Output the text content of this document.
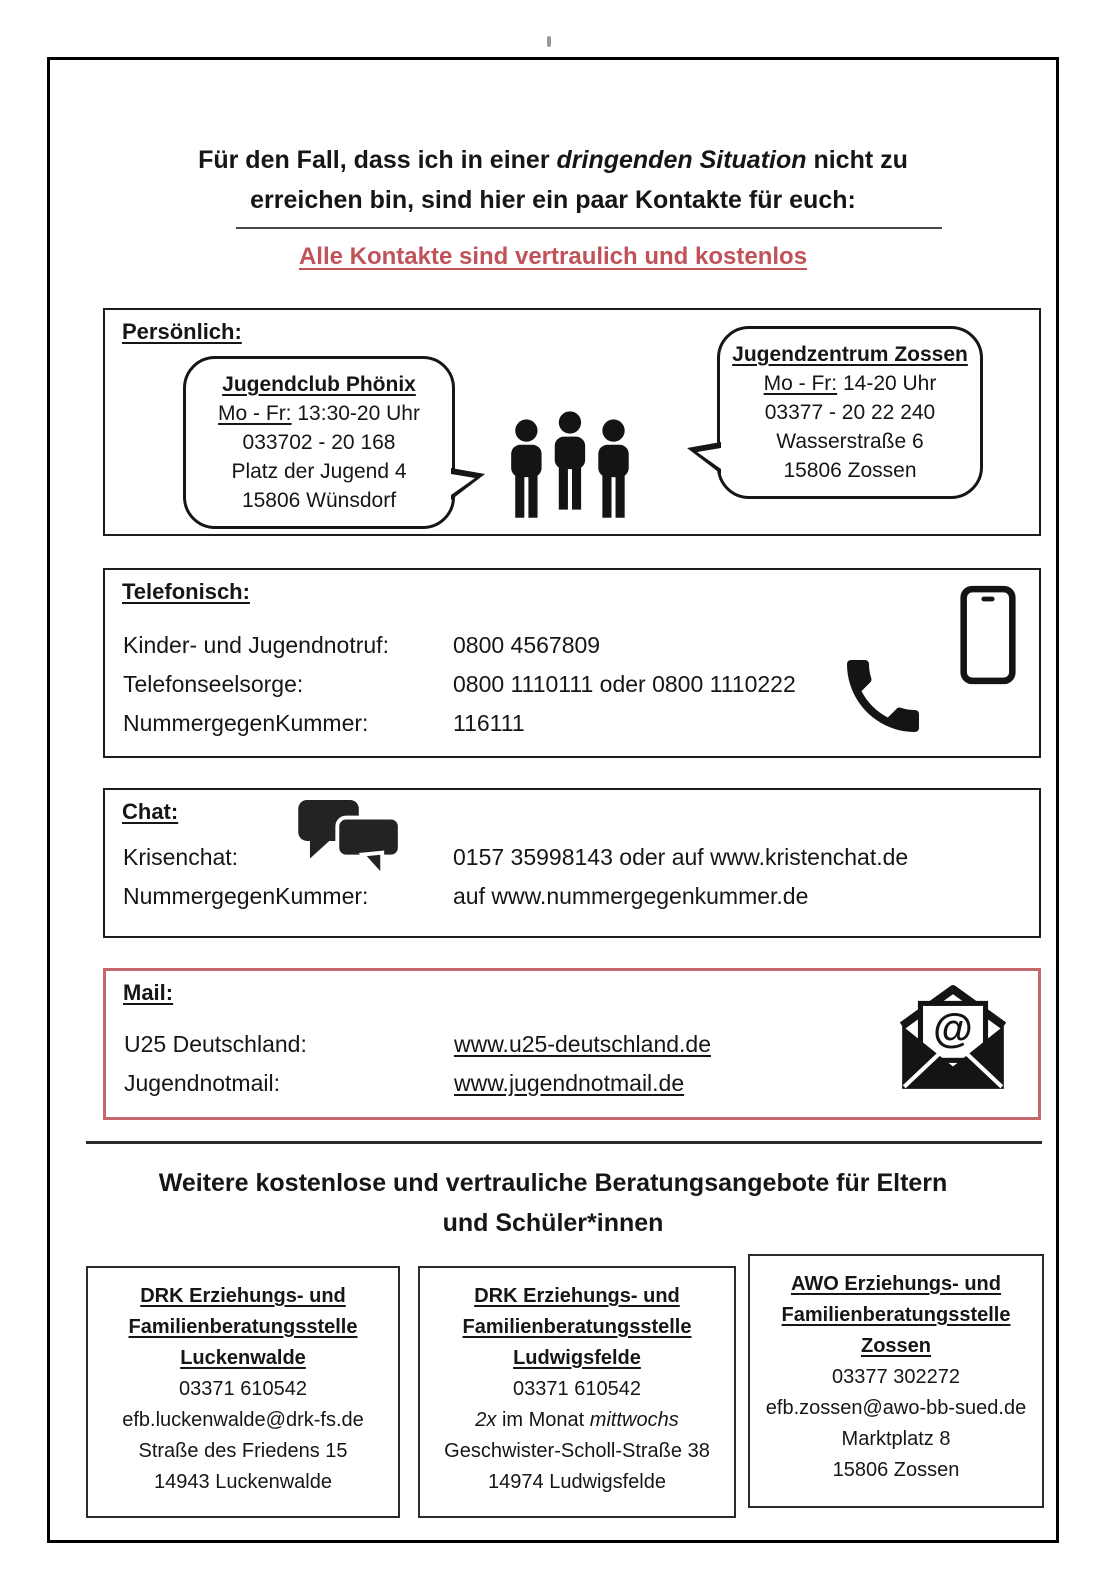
Für den Fall, dass ich in einer dringenden Situation nicht zu
erreichen bin, sind hier ein paar Kontakte für euch:
Alle Kontakte sind vertraulich und kostenlos
Persönlich:
Jugendclub Phönix
Mo - Fr: 13:30-20 Uhr
033702 - 20 168
Platz der Jugend 4
15806 Wünsdorf
Jugendzentrum Zossen
Mo - Fr: 14-20 Uhr
03377 - 20 22 240
Wasserstraße 6
15806 Zossen
Telefonisch:
Kinder- und Jugendnotruf:	0800 4567809
Telefonseelsorge:	0800 1110111 oder 0800 1110222
NummergegenKummer:	116111
Chat:
Krisenchat:	0157 35998143 oder auf www.kristenchat.de
NummergegenKummer:	auf www.nummergegenkummer.de
Mail:
U25 Deutschland:	www.u25-deutschland.de
Jugendnotmail:	www.jugendnotmail.de
@
Weitere kostenlose und vertrauliche Beratungsangebote für Eltern
und Schüler*innen
DRK Erziehungs- und
Familienberatungsstelle
Luckenwalde
03371 610542
efb.luckenwalde@drk-fs.de
Straße des Friedens 15
14943 Luckenwalde
DRK Erziehungs- und
Familienberatungsstelle
Ludwigsfelde
03371 610542
2x im Monat mittwochs
Geschwister-Scholl-Straße 38
14974 Ludwigsfelde
AWO Erziehungs- und
Familienberatungsstelle
Zossen
03377 302272
efb.zossen@awo-bb-sued.de
Marktplatz 8
15806 Zossen
